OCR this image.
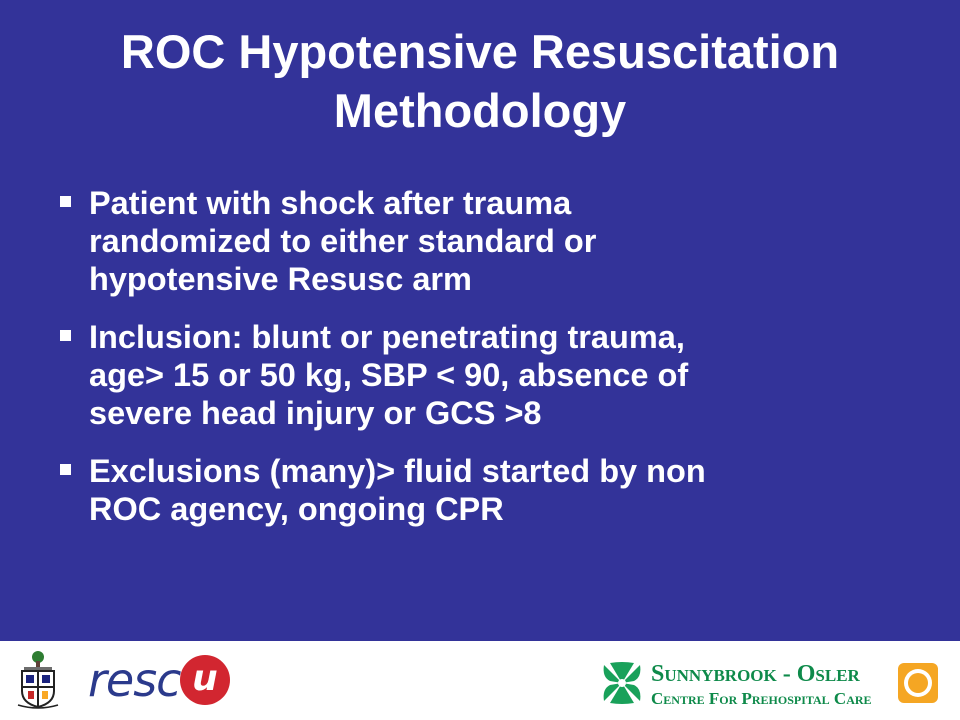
ROC Hypotensive Resuscitation
Methodology
Patient with shock after trauma
randomized to either standard or
hypotensive Resusc arm
Inclusion: blunt or penetrating trauma,
age> 15 or 50 kg, SBP < 90, absence of
severe head injury or GCS >8
Exclusions (many)> fluid started by non
ROC agency, ongoing CPR
resc u	Sunnybrook - Osler
Centre For Prehospital Care
